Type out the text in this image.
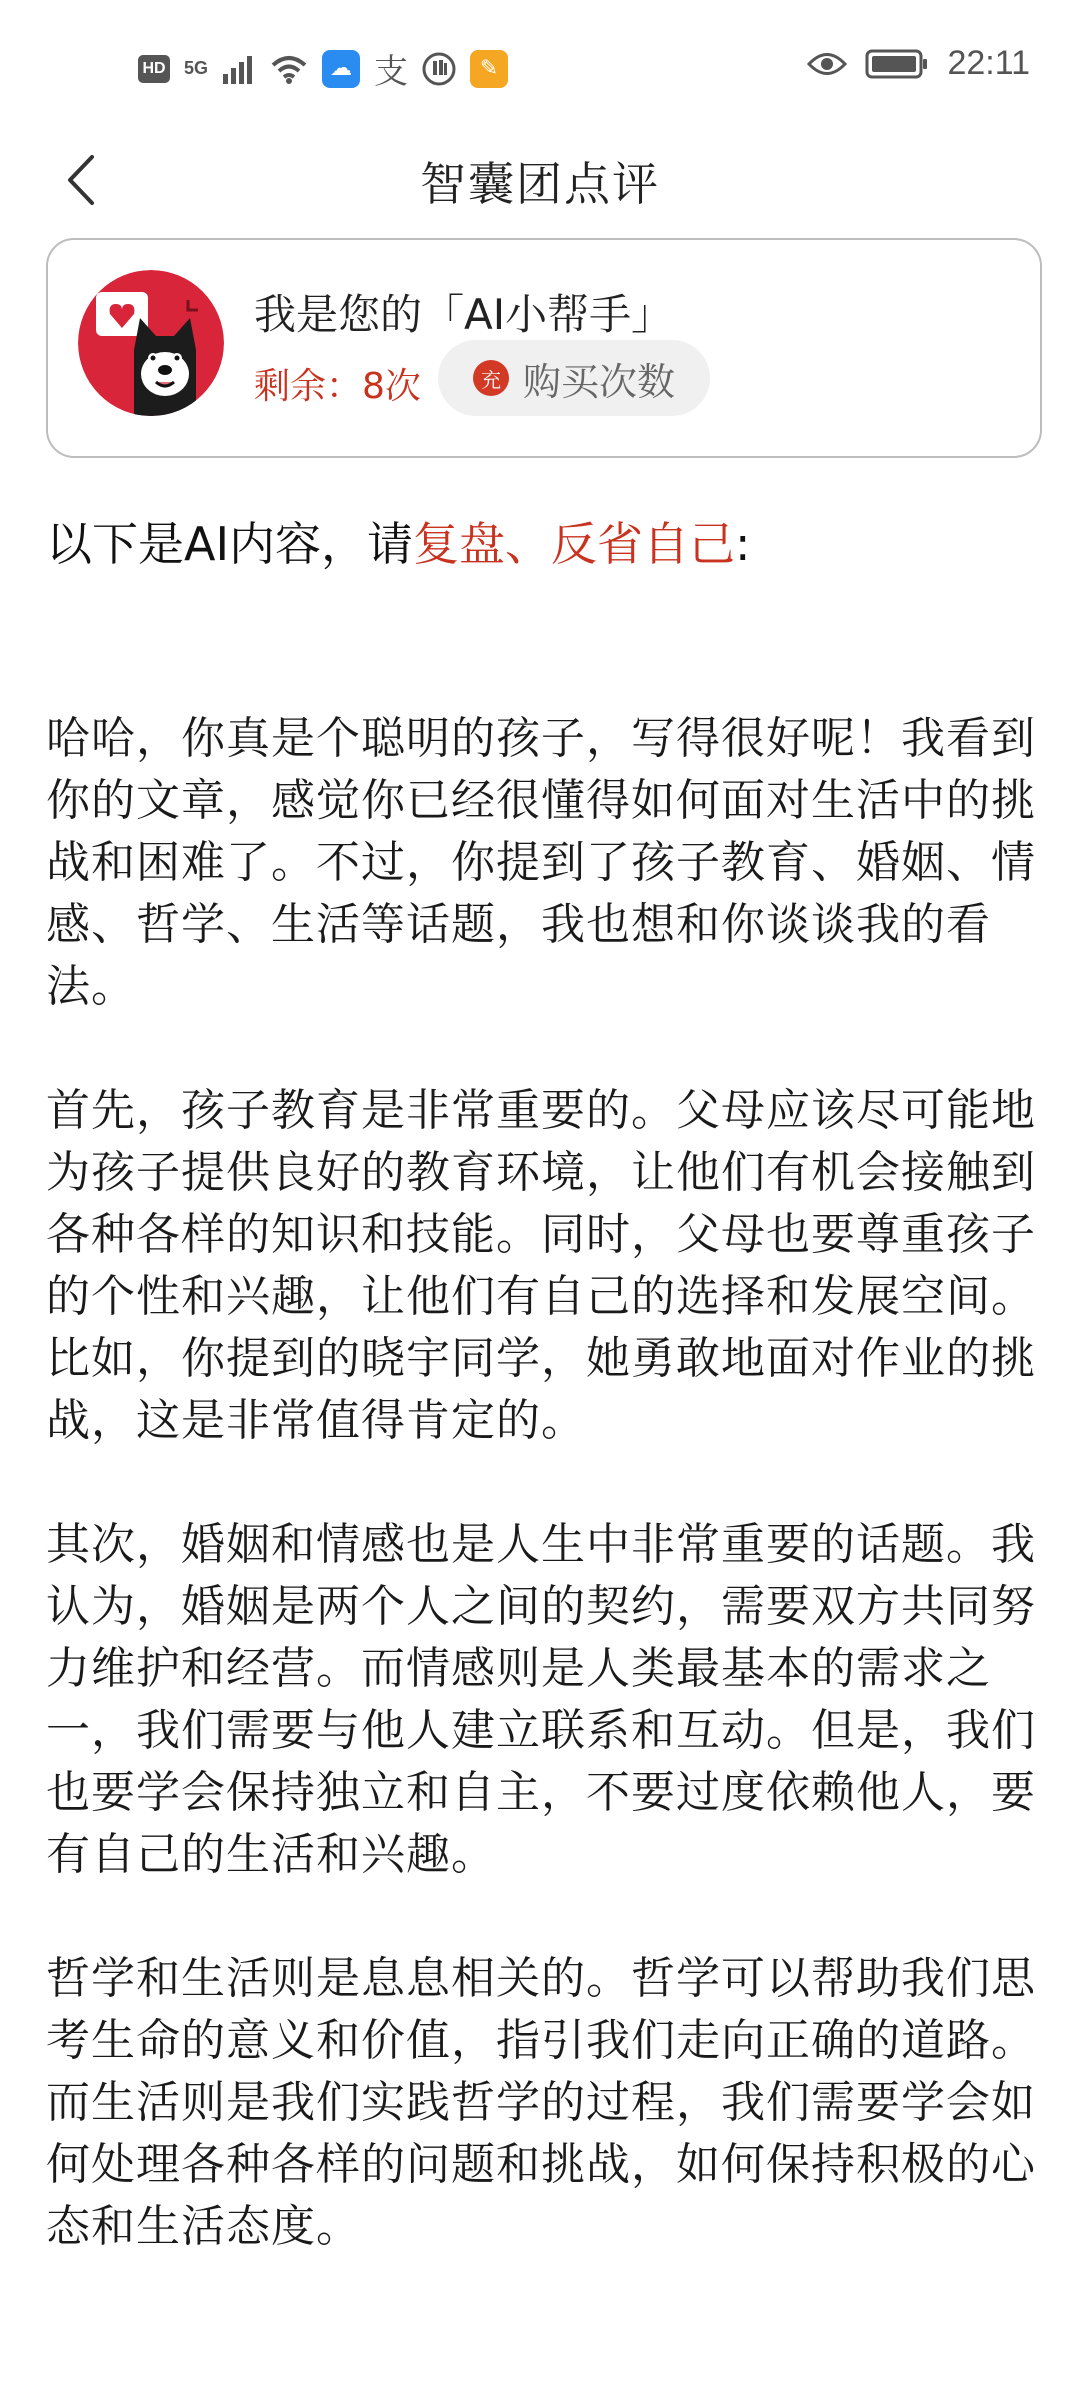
HD 5G	☁ 支	✎	22:11
智囊团点评
我是您的「AI小帮手」
剩余：8次	充 购买次数
以下是AI内容，请复盘、反省自己:

哈哈，你真是个聪明的孩子，写得很好呢！我看到你的文章，感觉你已经很懂得如何面对生活中的挑战和困难了。不过，你提到了孩子教育、婚姻、情感、哲学、生活等话题，我也想和你谈谈我的看法。

首先，孩子教育是非常重要的。父母应该尽可能地为孩子提供良好的教育环境，让他们有机会接触到各种各样的知识和技能。同时，父母也要尊重孩子的个性和兴趣，让他们有自己的选择和发展空间。比如，你提到的晓宇同学，她勇敢地面对作业的挑战，这是非常值得肯定的。

其次，婚姻和情感也是人生中非常重要的话题。我认为，婚姻是两个人之间的契约，需要双方共同努力维护和经营。而情感则是人类最基本的需求之一，我们需要与他人建立联系和互动。但是，我们也要学会保持独立和自主，不要过度依赖他人，要有自己的生活和兴趣。

哲学和生活则是息息相关的。哲学可以帮助我们思考生命的意义和价值，指引我们走向正确的道路。而生活则是我们实践哲学的过程，我们需要学会如何处理各种各样的问题和挑战，如何保持积极的心态和生活态度。
